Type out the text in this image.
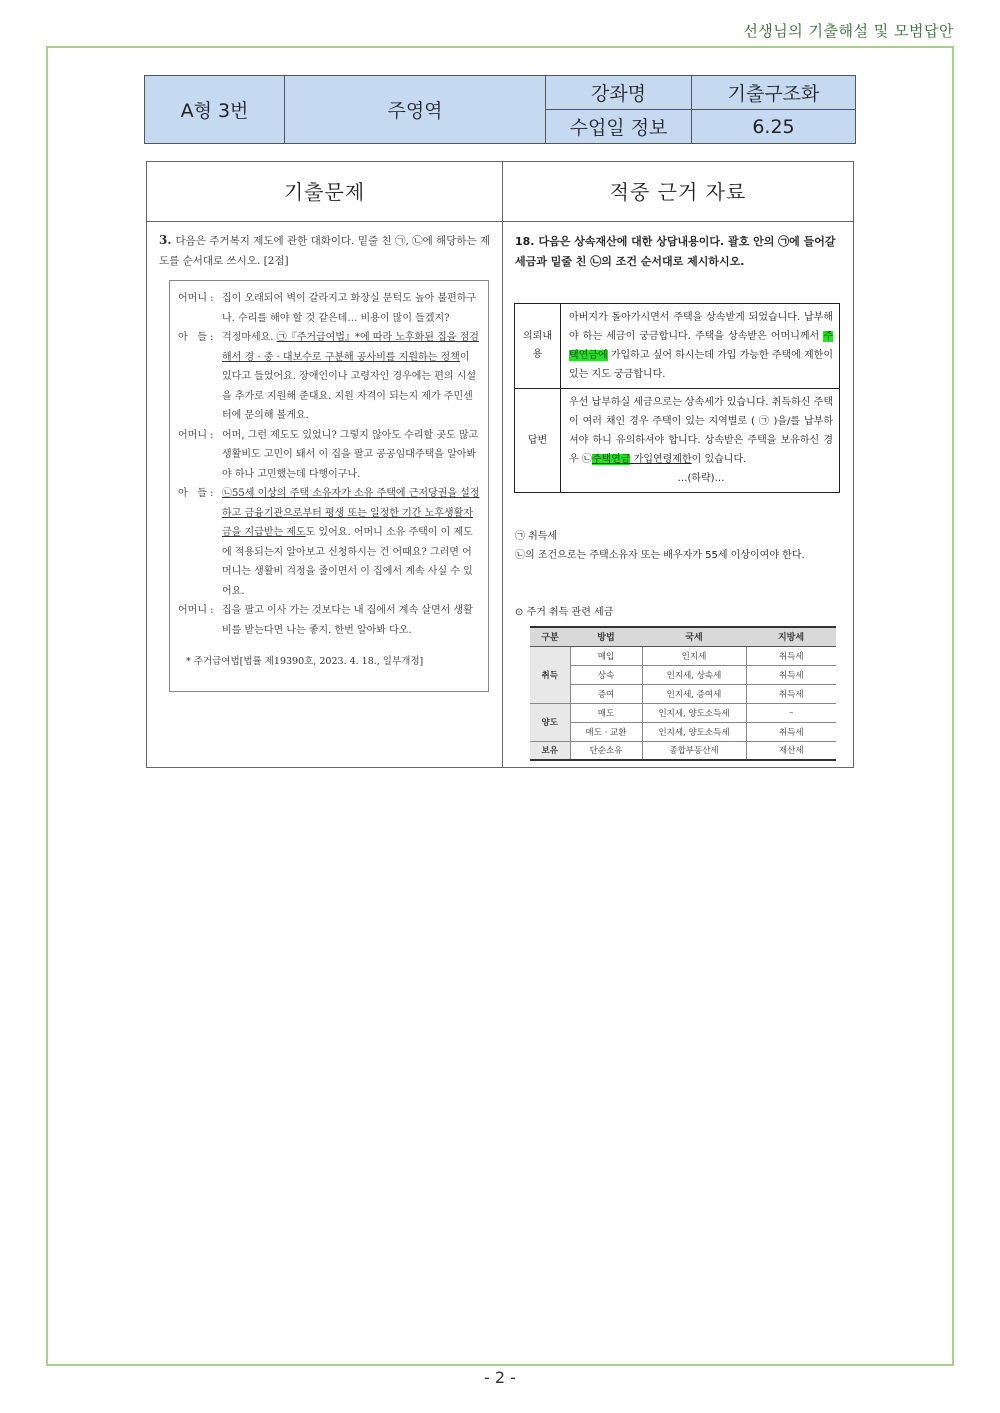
선생님의 기출해설 및 모범답안
A형 3번	주영역	강좌명	기출구조화
		수업일 정보	6.25
기출문제
3. 다음은 주거복지 제도에 관한 대화이다. 밑줄 친 ㉠, ㉡에 해당하는 제도를 순서대로 쓰시오. [2점]
어머니 : 집이 오래되어 벽이 갈라지고 화장실 문턱도 높아 불편하구나. 수리를 해야 할 것 같은데… 비용이 많이 들겠지?
아   들 : 걱정마세요. ㉠『주거급여법』*에 따라 노후화된 집을 점검해서 경 · 중 · 대보수로 구분해 공사비를 지원하는 정책이 있다고 들었어요. 장애인이나 고령자인 경우에는 편의 시설을 추가로 지원해 준대요. 지원 자격이 되는지 제가 주민센터에 문의해 볼게요.
어머니 : 어머, 그런 제도도 있었니? 그렇지 않아도 수리할 곳도 많고 생활비도 고민이 돼서 이 집을 팔고 공공임대주택을 알아봐야 하나 고민했는데 다행이구나.
아   들 : ㉡55세 이상의 주택 소유자가 소유 주택에 근저당권을 설정하고 금융기관으로부터 평생 또는 일정한 기간 노후생활자금을 지급받는 제도도 있어요. 어머니 소유 주택이 이 제도에 적용되는지 알아보고 신청하시는 건 어때요? 그러면 어머니는 생활비 걱정을 줄이면서 이 집에서 계속 사실 수 있어요.
어머니 : 집을 팔고 이사 가는 것보다는 내 집에서 계속 살면서 생활비를 받는다면 나는 좋지. 한번 알아봐 다오.
* 주거급여법[법률 제19390호, 2023. 4. 18., 일부개정]
적중 근거 자료
18. 다음은 상속재산에 대한 상담내용이다. 괄호 안의 ㉠에 들어갈 세금과 밑줄 친 ㉡의 조건 순서대로 제시하시오.
의뢰내용	아버지가 돌아가시면서 주택을 상속받게 되었습니다. 납부해야 하는 세금이 궁금합니다. 주택을 상속받은 어머니께서 주택연금에 가입하고 싶어 하시는데 가입 가능한 주택에 제한이 있는 지도 궁금합니다.
답변	우선 납부하실 세금으로는 상속세가 있습니다. 취득하신 주택이 여러 채인 경우 주택이 있는 지역별로 ( ㉠ )을/를 납부하셔야 하니 유의하셔야 합니다. 상속받은 주택을 보유하신 경우 ㉡주택연금 가입연령제한이 있습니다.
…(하략)…
㉠ 취득세
㉡의 조건으로는 주택소유자 또는 배우자가 55세 이상이여야 한다.
⊙ 주거 취득 관련 세금
구분	방법	국세	지방세
취득	매입	인지세	취득세
	상속	인지세, 상속세	취득세
	증여	인지세, 증여세	취득세
양도	매도	인지세, 양도소득세	–
	매도 · 교환	인지세, 양도소득세	취득세
보유	단순소유	종합부동산세	재산세
- 2 -
